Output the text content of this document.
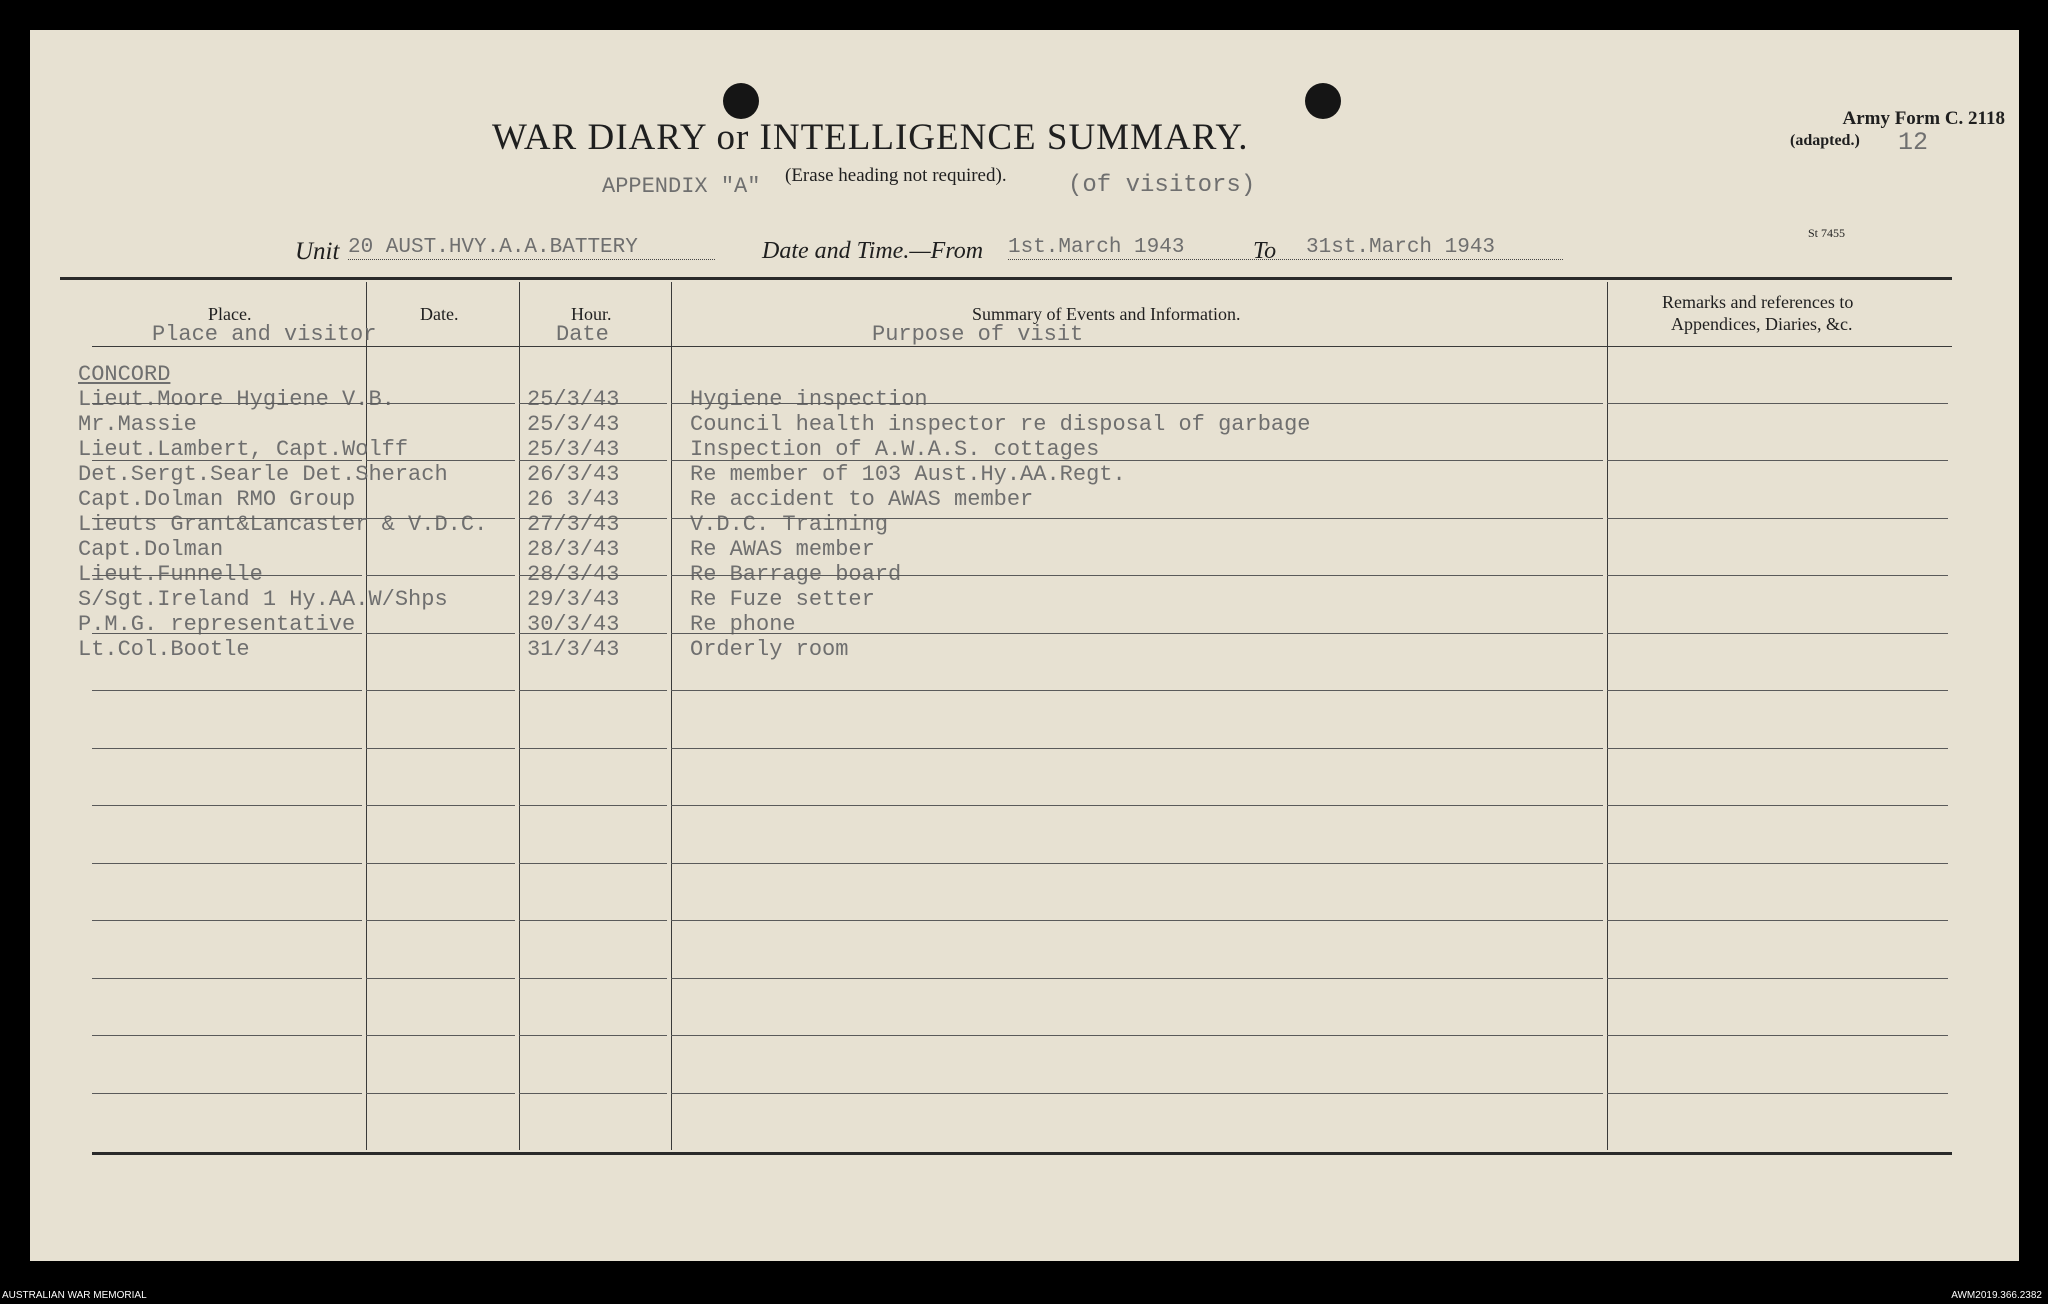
WAR DIARY or INTELLIGENCE SUMMARY.
APPENDIX "A" (Erase heading not required).	(of visitors)
Army Form C. 2118
(adapted.) 12
St 7455
Unit 20 AUST.HVY.A.A.BATTERY	Date and Time.—From 1st.March 1943	To 31st.March 1943
Place.	Date.	Hour.	Summary of Events and Information.
Remarks and references to
Appendices, Diaries, &c.
Place and visitor	Date	Purpose of visit
CONCORD
Lieut.Moore Hygiene V.B.	25/3/43	Hygiene inspection
Mr.Massie	25/3/43	Council health inspector re disposal of garbage
Lieut.Lambert, Capt.Wolff	25/3/43	Inspection of A.W.A.S. cottages
Det.Sergt.Searle Det.Sherach	26/3/43	Re member of 103 Aust.Hy.AA.Regt.
Capt.Dolman RMO Group	26 3/43	Re accident to AWAS member
Lieuts Grant&Lancaster & V.D.C. 27/3/43	V.D.C. Training
Capt.Dolman	28/3/43	Re AWAS member
Lieut.Funnelle	28/3/43	Re Barrage board
S/Sgt.Ireland 1 Hy.AA.W/Shps	29/3/43	Re Fuze setter
P.M.G. representative	30/3/43	Re phone
Lt.Col.Bootle	31/3/43	Orderly room
AUSTRALIAN WAR MEMORIAL	AWM2019.366.2382
